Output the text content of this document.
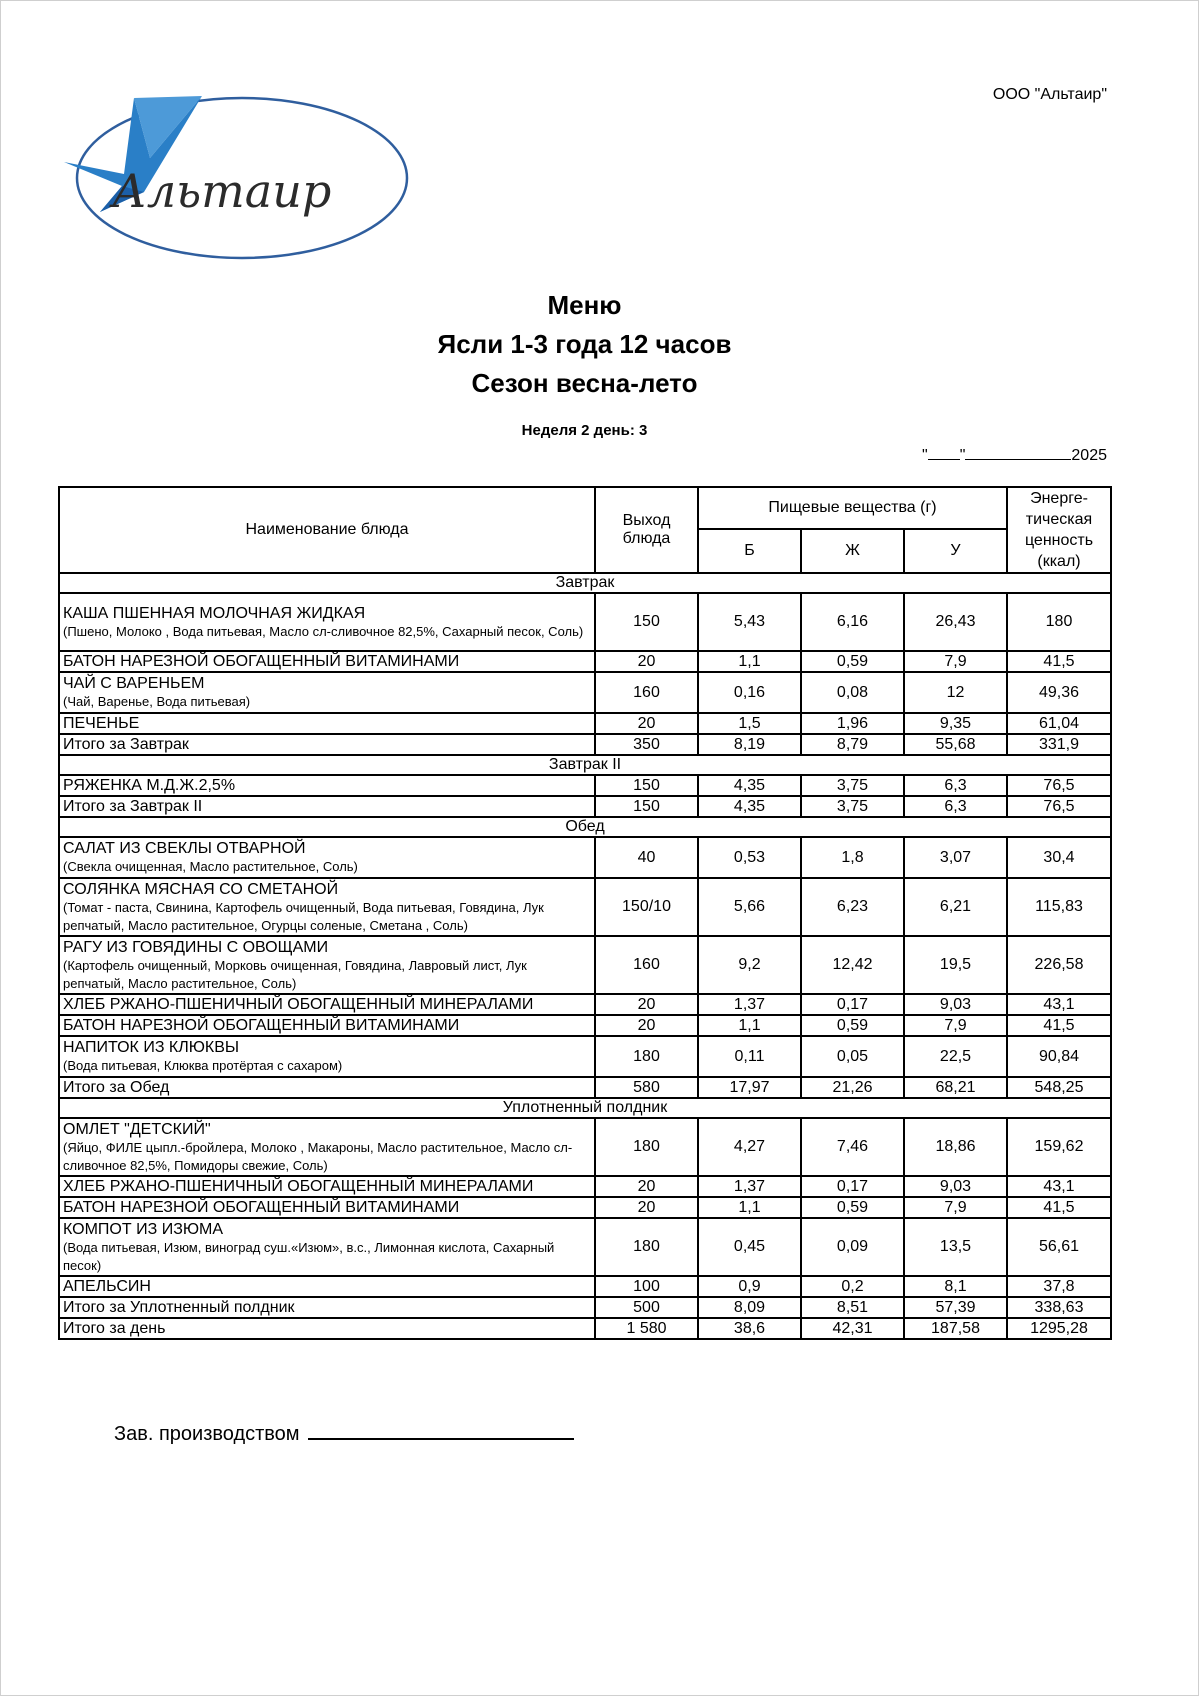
ООО "Альтаир"
Альтаир
Меню
Ясли 1-3 года 12 часов
Сезон весна-лето
Неделя 2 день: 3
" "	2025
Наименование блюда	Выход блюда	Пищевые вещества (г)			Энерге-тическая ценность (ккал)
		Б	Ж	У	
Завтрак					

КАША ПШЕННАЯ МОЛОЧНАЯ ЖИДКАЯ
(Пшено, Молоко , Вода питьевая, Масло сл-сливочное 82,5%, Сахарный песок, Соль)	150	5,43	6,16	26,43	180

БАТОН НАРЕЗНОЙ ОБОГАЩЕННЫЙ ВИТАМИНАМИ	20	1,1	0,59	7,9	41,5

ЧАЙ С ВАРЕНЬЕМ
(Чай, Варенье, Вода питьевая)	160	0,16	0,08	12	49,36

ПЕЧЕНЬЕ	20	1,5	1,96	9,35	61,04
Итого за Завтрак	350	8,19	8,79	55,68	331,9
Завтрак II					

РЯЖЕНКА М.Д.Ж.2,5%	150	4,35	3,75	6,3	76,5
Итого за Завтрак II	150	4,35	3,75	6,3	76,5
Обед					

САЛАТ ИЗ СВЕКЛЫ ОТВАРНОЙ
(Свекла очищенная, Масло растительное, Соль)	40	0,53	1,8	3,07	30,4

СОЛЯНКА МЯСНАЯ СО СМЕТАНОЙ
(Томат - паста, Свинина, Картофель очищенный, Вода питьевая, Говядина, Лук репчатый, Масло растительное, Огурцы соленые, Сметана , Соль)	150/10	5,66	6,23	6,21	115,83

РАГУ ИЗ ГОВЯДИНЫ С ОВОЩАМИ
(Картофель очищенный, Морковь очищенная, Говядина, Лавровый лист, Лук репчатый, Масло растительное, Соль)	160	9,2	12,42	19,5	226,58

ХЛЕБ РЖАНО-ПШЕНИЧНЫЙ ОБОГАЩЕННЫЙ МИНЕРАЛАМИ	20	1,37	0,17	9,03	43,1

БАТОН НАРЕЗНОЙ ОБОГАЩЕННЫЙ ВИТАМИНАМИ	20	1,1	0,59	7,9	41,5

НАПИТОК ИЗ КЛЮКВЫ
(Вода питьевая, Клюква протёртая с сахаром)	180	0,11	0,05	22,5	90,84
Итого за Обед	580	17,97	21,26	68,21	548,25
Уплотненный полдник					

ОМЛЕТ "ДЕТСКИЙ"
(Яйцо, ФИЛЕ цыпл.-бройлера, Молоко , Макароны, Масло растительное, Масло сл-сливочное 82,5%, Помидоры свежие, Соль)	180	4,27	7,46	18,86	159,62

ХЛЕБ РЖАНО-ПШЕНИЧНЫЙ ОБОГАЩЕННЫЙ МИНЕРАЛАМИ	20	1,37	0,17	9,03	43,1

БАТОН НАРЕЗНОЙ ОБОГАЩЕННЫЙ ВИТАМИНАМИ	20	1,1	0,59	7,9	41,5

КОМПОТ ИЗ ИЗЮМА
(Вода питьевая, Изюм, виноград суш.«Изюм», в.с., Лимонная кислота, Сахарный песок)	180	0,45	0,09	13,5	56,61

АПЕЛЬСИН	100	0,9	0,2	8,1	37,8
Итого за Уплотненный полдник	500	8,09	8,51	57,39	338,63
Итого за день	1 580	38,6	42,31	187,58	1295,28
Зав. производством
